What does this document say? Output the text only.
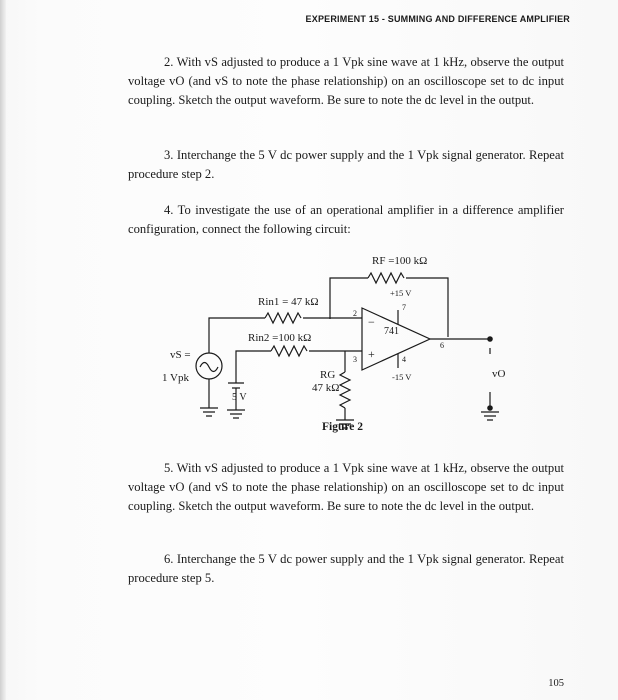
EXPERIMENT 15 - SUMMING AND DIFFERENCE AMPLIFIER
2. With vS adjusted to produce a 1 Vpk sine wave at 1 kHz, observe the output voltage vO (and vS to note the phase relationship) on an oscilloscope set to dc input coupling. Sketch the output waveform. Be sure to note the dc level in the output.
3. Interchange the 5 V dc power supply and the 1 Vpk signal generator. Repeat procedure step 2.
4. To investigate the use of an operational amplifier in a difference amplifier configuration, connect the following circuit:
RF =100 kΩ
Rin1 = 47 kΩ
Rin2 =100 kΩ
RG
47 kΩ
vS =
1 Vpk
5 V
741
+15 V
-15 V
2
3	4
6
7
−
+
vO
Figure 2
5. With vS adjusted to produce a 1 Vpk sine wave at 1 kHz, observe the output voltage vO (and vS to note the phase relationship) on an oscilloscope set to dc input coupling. Sketch the output waveform. Be sure to note the dc level in the output.
6. Interchange the 5 V dc power supply and the 1 Vpk signal generator. Repeat procedure step 5.
105
